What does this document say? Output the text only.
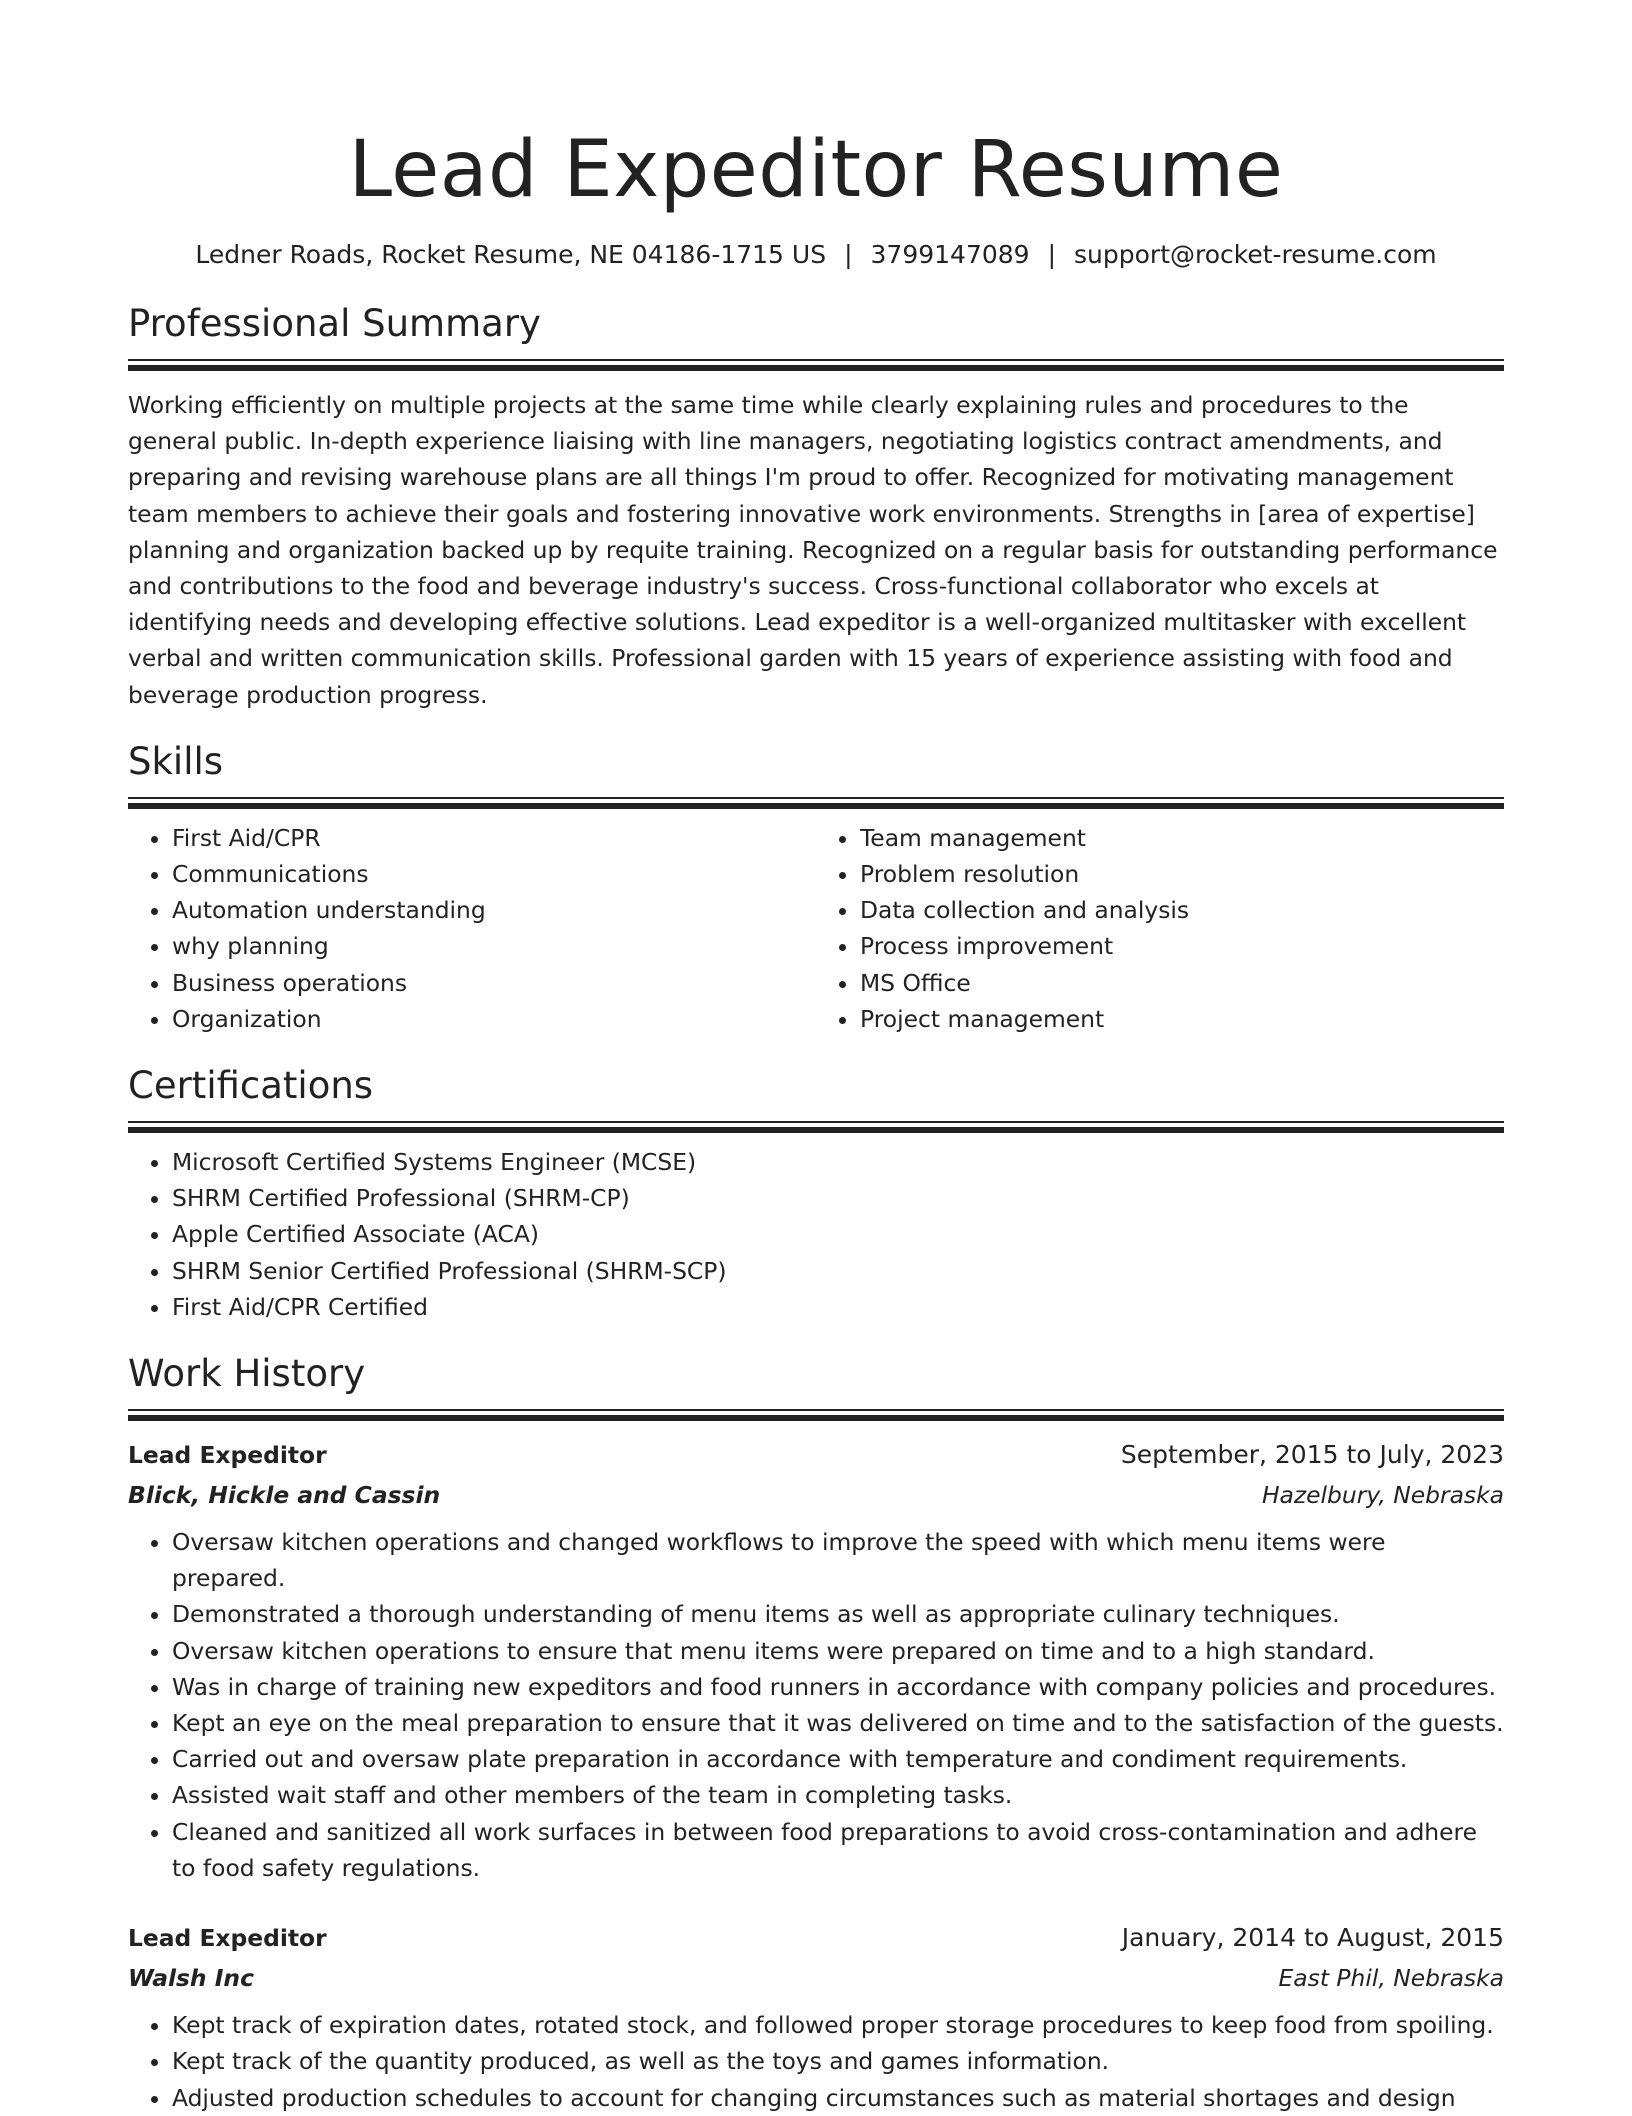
Lead Expeditor Resume
Ledner Roads, Rocket Resume, NE 04186-1715 US | 3799147089 | support@rocket-resume.com
Professional Summary

Working efficiently on multiple projects at the same time while clearly explaining rules and procedures to the general public. In-depth experience liaising with line managers, negotiating logistics contract amendments, and preparing and revising warehouse plans are all things I'm proud to offer. Recognized for motivating management team members to achieve their goals and fostering innovative work environments. Strengths in [area of expertise] planning and organization backed up by requite training. Recognized on a regular basis for outstanding performance and contributions to the food and beverage industry's success. Cross-functional collaborator who excels at identifying needs and developing effective solutions. Lead expeditor is a well-organized multitasker with excellent verbal and written communication skills. Professional garden with 15 years of experience assisting with food and beverage production progress.

Skills
• First Aid/CPR
• Communications
• Automation understanding
• why planning
• Business operations
• Organization
• Team management
• Problem resolution
• Data collection and analysis
• Process improvement
• MS Office
• Project management
Certifications
• Microsoft Certified Systems Engineer (MCSE)
• SHRM Certified Professional (SHRM-CP)
• Apple Certified Associate (ACA)
• SHRM Senior Certified Professional (SHRM-SCP)
• First Aid/CPR Certified
Work History
Lead Expeditor	September, 2015 to July, 2023
Blick, Hickle and Cassin	Hazelbury, Nebraska
• Oversaw kitchen operations and changed workflows to improve the speed with which menu items were prepared.
• Demonstrated a thorough understanding of menu items as well as appropriate culinary techniques.
• Oversaw kitchen operations to ensure that menu items were prepared on time and to a high standard.
• Was in charge of training new expeditors and food runners in accordance with company policies and procedures.
• Kept an eye on the meal preparation to ensure that it was delivered on time and to the satisfaction of the guests.
• Carried out and oversaw plate preparation in accordance with temperature and condiment requirements.
• Assisted wait staff and other members of the team in completing tasks.
• Cleaned and sanitized all work surfaces in between food preparations to avoid cross-contamination and adhere to food safety regulations.
Lead Expeditor	January, 2014 to August, 2015
Walsh Inc	East Phil, Nebraska
• Kept track of expiration dates, rotated stock, and followed proper storage procedures to keep food from spoiling.
• Kept track of the quantity produced, as well as the toys and games information.
• Adjusted production schedules to account for changing circumstances such as material shortages and design
